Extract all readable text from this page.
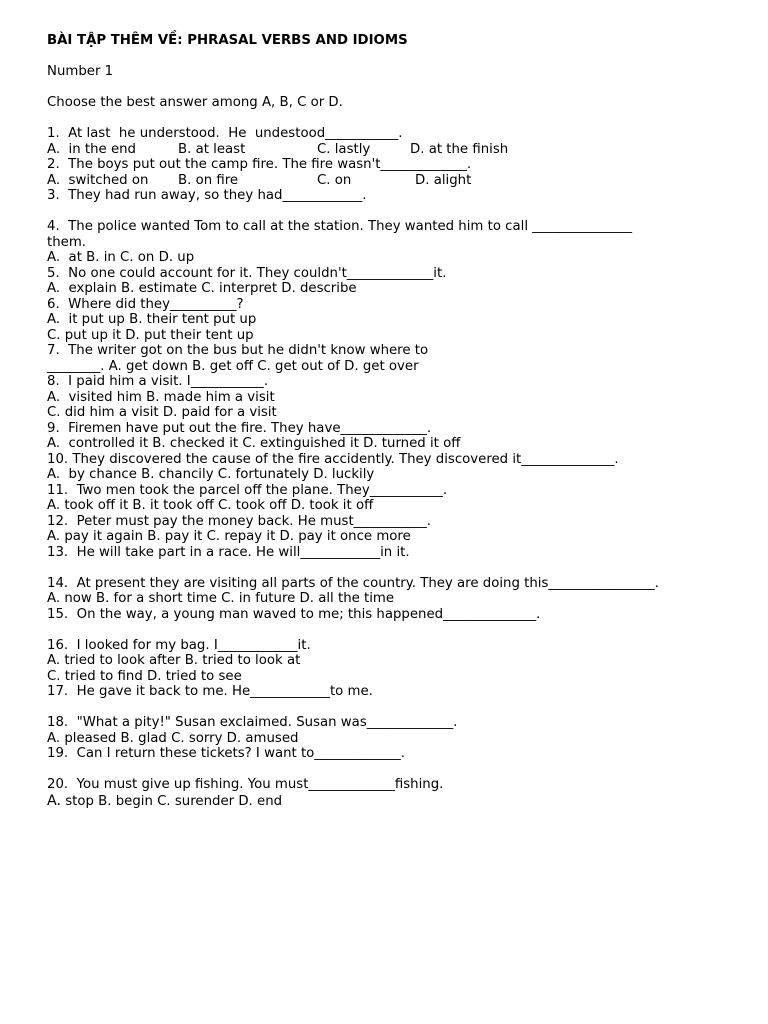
BÀI TẬP THÊM VỀ: PHRASAL VERBS AND IDIOMS
Number 1
Choose the best answer among A, B, C or D.
1.  At last  he understood.  He  undestood___________.
A.  in the end	B. at least	C. lastly	D. at the finish
2.  The boys put out the camp fire. The fire wasn't_____________.
A.  switched on B. on fire	C. on	D. alight
3.  They had run away, so they had____________.
4.  The police wanted Tom to call at the station. They wanted him to call _______________
them.
A.  at B. in C. on D. up
5.  No one could account for it. They couldn't_____________it.
A.  explain B. estimate C. interpret D. describe
6.  Where did they__________?
A.  it put up B. their tent put up
C. put up it D. put their tent up
7.  The writer got on the bus but he didn't know where to
________. A. get down B. get off C. get out of D. get over
8.  I paid him a visit. I___________.
A.  visited him B. made him a visit
C. did him a visit D. paid for a visit
9.  Firemen have put out the fire. They have_____________.
A.  controlled it B. checked it C. extinguished it D. turned it off
10. They discovered the cause of the fire accidently. They discovered it______________.
A.  by chance B. chancily C. fortunately D. luckily
11.  Two men took the parcel off the plane. They___________.
A. took off it B. it took off C. took off D. took it off
12.  Peter must pay the money back. He must___________.
A. pay it again B. pay it C. repay it D. pay it once more
13.  He will take part in a race. He will____________in it.
14.  At present they are visiting all parts of the country. They are doing this________________.
A. now B. for a short time C. in future D. all the time
15.  On the way, a young man waved to me; this happened______________.
16.  I looked for my bag. I____________it.
A. tried to look after B. tried to look at
C. tried to find D. tried to see
17.  He gave it back to me. He____________to me.
18.  "What a pity!" Susan exclaimed. Susan was_____________.
A. pleased B. glad C. sorry D. amused
19.  Can I return these tickets? I want to_____________.
20.  You must give up fishing. You must_____________fishing.
A. stop B. begin C. surender D. end
